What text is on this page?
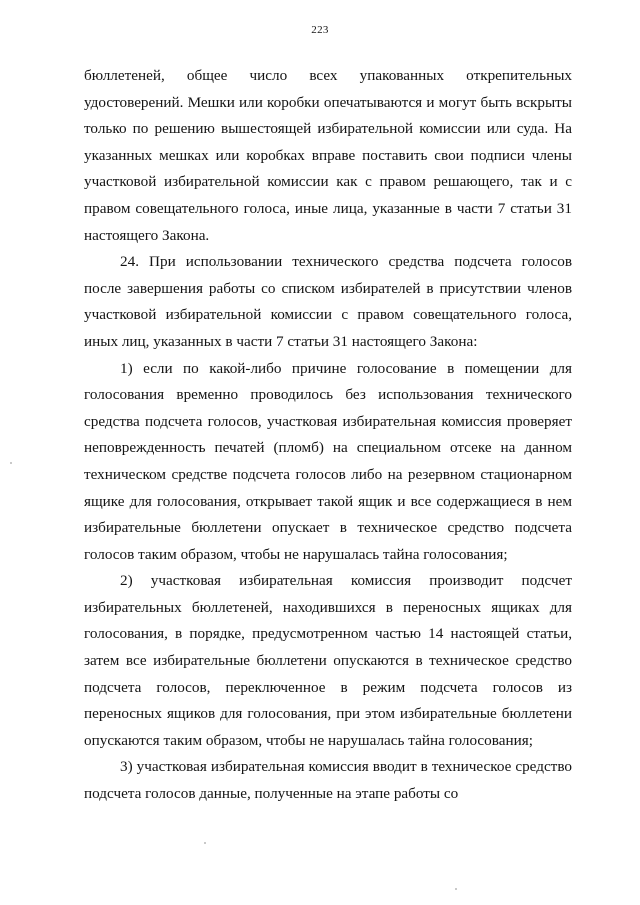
223

бюллетеней, общее число всех упакованных открепительных удостоверений. Мешки или коробки опечатываются и могут быть вскрыты только по решению вышестоящей избирательной комиссии или суда. На указанных мешках или коробках вправе поставить свои подписи члены участковой избирательной комиссии как с правом решающего, так и с правом совещательного голоса, иные лица, указанные в части 7 статьи 31 настоящего Закона.

24. При использовании технического средства подсчета голосов после завершения работы со списком избирателей в присутствии членов участковой избирательной комиссии с правом совещательного голоса, иных лиц, указанных в части 7 статьи 31 настоящего Закона:

1) если по какой-либо причине голосование в помещении для голосования временно проводилось без использования технического средства подсчета голосов, участковая избирательная комиссия проверяет неповрежденность печатей (пломб) на специальном отсеке на данном техническом средстве подсчета голосов либо на резервном стационарном ящике для голосования, открывает такой ящик и все содержащиеся в нем избирательные бюллетени опускает в техническое средство подсчета голосов таким образом, чтобы не нарушалась тайна голосования;

2) участковая избирательная комиссия производит подсчет избирательных бюллетеней, находившихся в переносных ящиках для голосования, в порядке, предусмотренном частью 14 настоящей статьи, затем все избирательные бюллетени опускаются в техническое средство подсчета голосов, переключенное в режим подсчета голосов из переносных ящиков для голосования, при этом избирательные бюллетени опускаются таким образом, чтобы не нарушалась тайна голосования;

3) участковая избирательная комиссия вводит в техническое средство подсчета голосов данные, полученные на этапе работы со
